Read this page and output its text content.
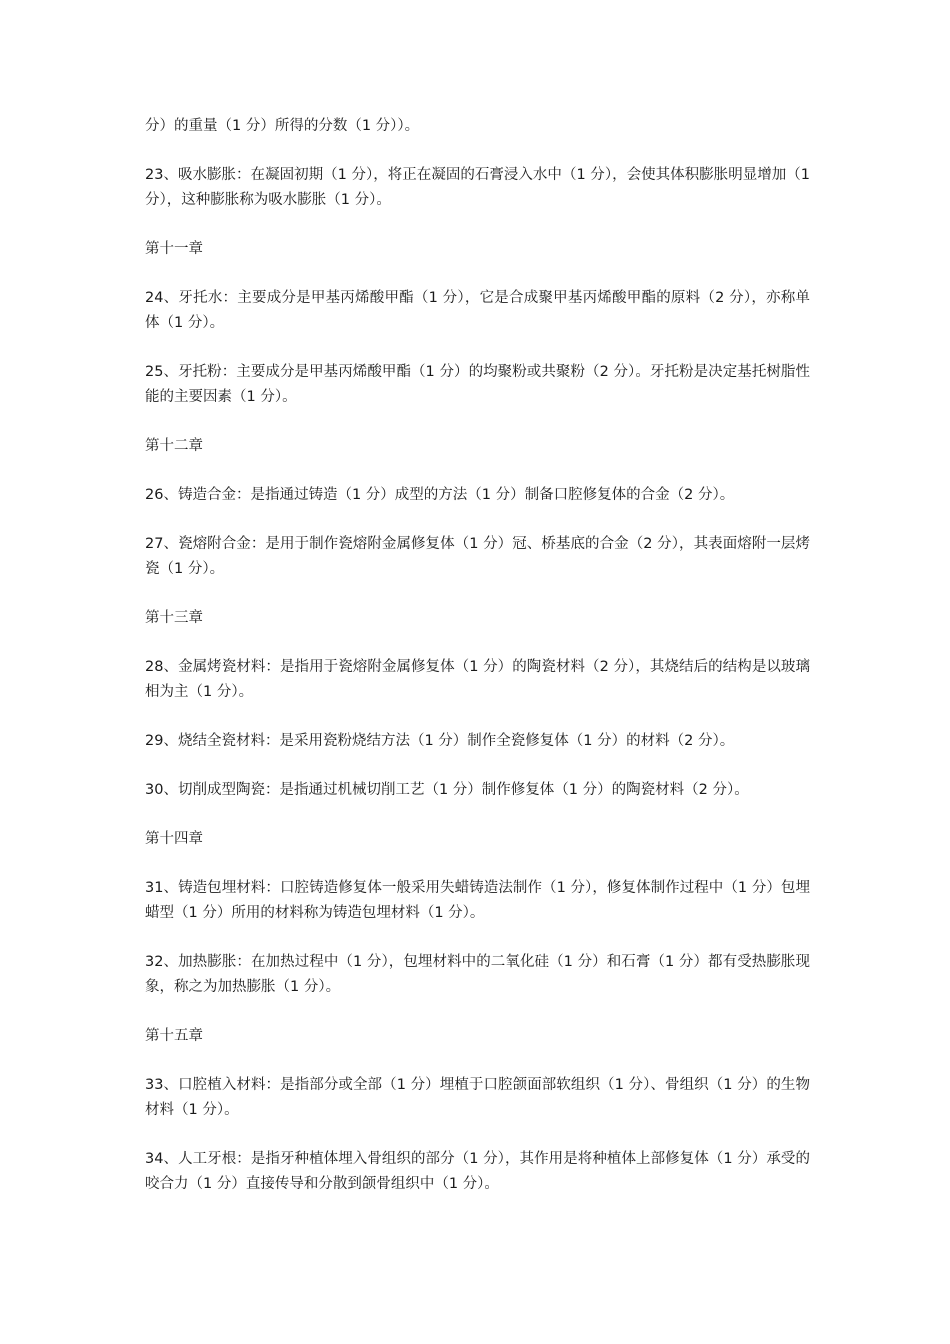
分）的重量（1 分）所得的分数（1 分））。

23、吸水膨胀：在凝固初期（1 分），将正在凝固的石膏浸入水中（1 分），会使其体积膨胀明显增加（1 分），这种膨胀称为吸水膨胀（1 分）。

第十一章

24、牙托水：主要成分是甲基丙烯酸甲酯（1 分），它是合成聚甲基丙烯酸甲酯的原料（2 分），亦称单体（1 分）。

25、牙托粉：主要成分是甲基丙烯酸甲酯（1 分）的均聚粉或共聚粉（2 分）。牙托粉是决定基托树脂性能的主要因素（1 分）。

第十二章

26、铸造合金：是指通过铸造（1 分）成型的方法（1 分）制备口腔修复体的合金（2 分）。

27、瓷熔附合金：是用于制作瓷熔附金属修复体（1 分）冠、桥基底的合金（2 分），其表面熔附一层烤瓷（1 分）。

第十三章

28、金属烤瓷材料：是指用于瓷熔附金属修复体（1 分）的陶瓷材料（2 分），其烧结后的结构是以玻璃相为主（1 分）。

29、烧结全瓷材料：是采用瓷粉烧结方法（1 分）制作全瓷修复体（1 分）的材料（2 分）。

30、切削成型陶瓷：是指通过机械切削工艺（1 分）制作修复体（1 分）的陶瓷材料（2 分）。

第十四章

31、铸造包埋材料：口腔铸造修复体一般采用失蜡铸造法制作（1 分），修复体制作过程中（1 分）包埋蜡型（1 分）所用的材料称为铸造包埋材料（1 分）。

32、加热膨胀：在加热过程中（1 分），包埋材料中的二氧化硅（1 分）和石膏（1 分）都有受热膨胀现象，称之为加热膨胀（1 分）。

第十五章

33、口腔植入材料：是指部分或全部（1 分）埋植于口腔颌面部软组织（1 分）、骨组织（1 分）的生物材料（1 分）。

34、人工牙根：是指牙种植体埋入骨组织的部分（1 分），其作用是将种植体上部修复体（1 分）承受的咬合力（1 分）直接传导和分散到颌骨组织中（1 分）。
